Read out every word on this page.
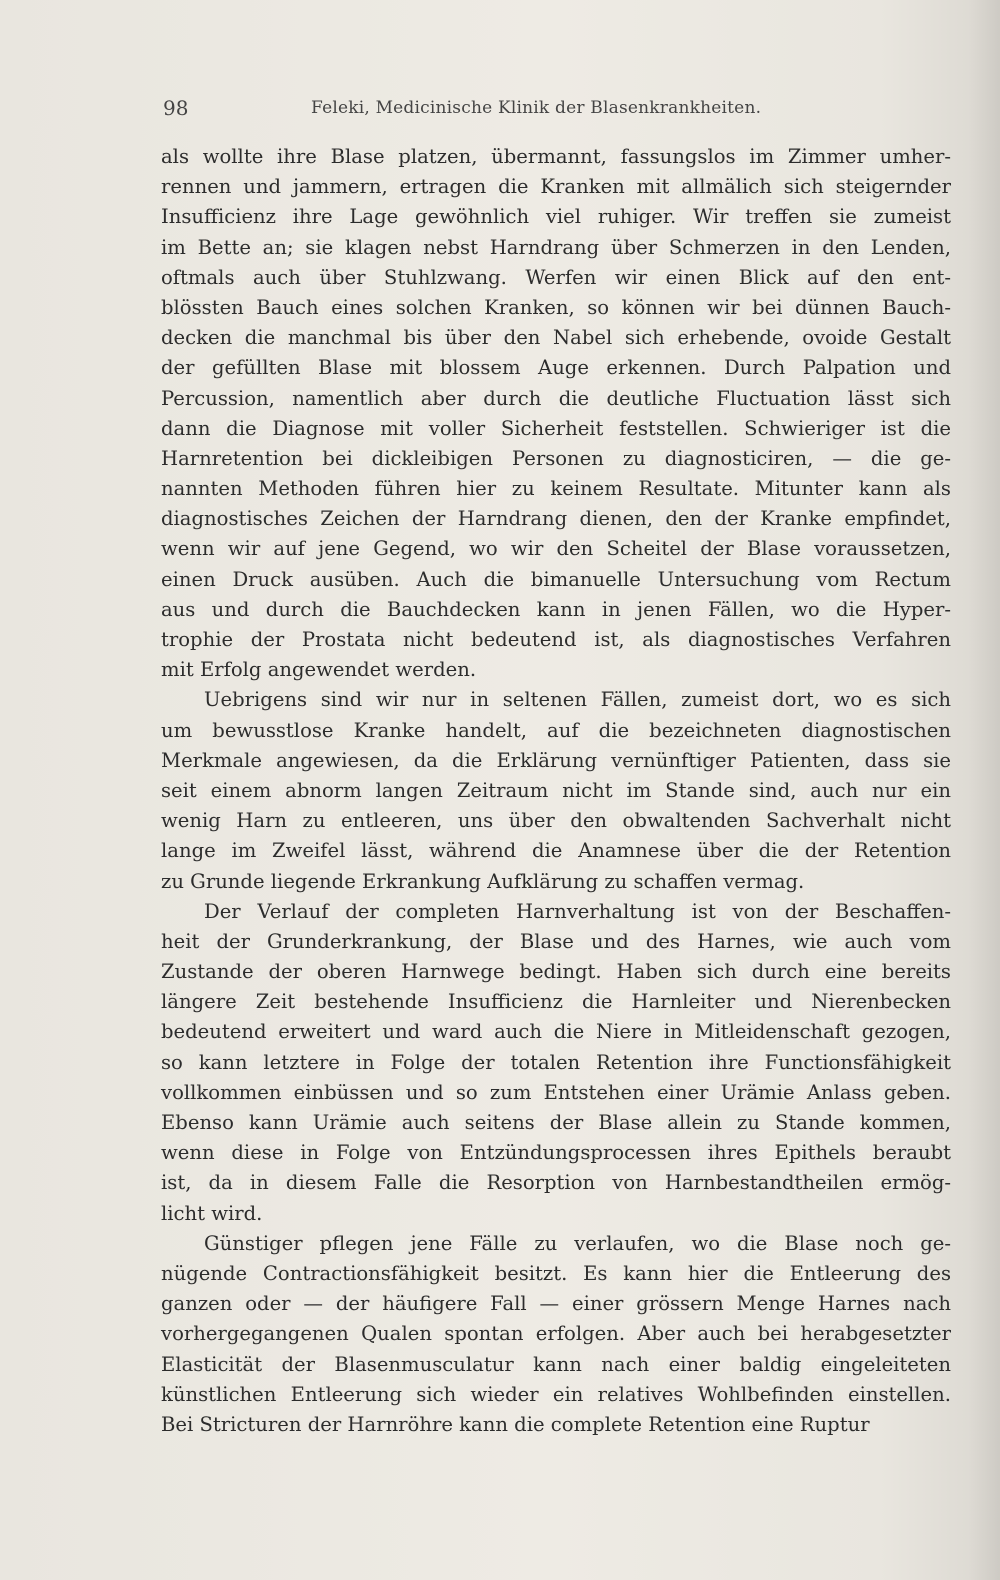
98	Feleki, Medicinische Klinik der Blasenkrankheiten.
als wollte ihre Blase platzen, übermannt, fassungslos im Zimmer umher-
rennen und jammern, ertragen die Kranken mit allmälich sich steigernder
Insufficienz ihre Lage gewöhnlich viel ruhiger. Wir treffen sie zumeist
im Bette an; sie klagen nebst Harndrang über Schmerzen in den Lenden,
oftmals auch über Stuhlzwang. Werfen wir einen Blick auf den ent-
blössten Bauch eines solchen Kranken, so können wir bei dünnen Bauch-
decken die manchmal bis über den Nabel sich erhebende, ovoide Gestalt
der gefüllten Blase mit blossem Auge erkennen. Durch Palpation und
Percussion, namentlich aber durch die deutliche Fluctuation lässt sich
dann die Diagnose mit voller Sicherheit feststellen. Schwieriger ist die
Harnretention bei dickleibigen Personen zu diagnosticiren, — die ge-
nannten Methoden führen hier zu keinem Resultate. Mitunter kann als
diagnostisches Zeichen der Harndrang dienen, den der Kranke empfindet,
wenn wir auf jene Gegend, wo wir den Scheitel der Blase voraussetzen,
einen Druck ausüben. Auch die bimanuelle Untersuchung vom Rectum
aus und durch die Bauchdecken kann in jenen Fällen, wo die Hyper-
trophie der Prostata nicht bedeutend ist, als diagnostisches Verfahren
mit Erfolg angewendet werden.
Uebrigens sind wir nur in seltenen Fällen, zumeist dort, wo es sich
um bewusstlose Kranke handelt, auf die bezeichneten diagnostischen
Merkmale angewiesen, da die Erklärung vernünftiger Patienten, dass sie
seit einem abnorm langen Zeitraum nicht im Stande sind, auch nur ein
wenig Harn zu entleeren, uns über den obwaltenden Sachverhalt nicht
lange im Zweifel lässt, während die Anamnese über die der Retention
zu Grunde liegende Erkrankung Aufklärung zu schaffen vermag.
Der Verlauf der completen Harnverhaltung ist von der Beschaffen-
heit der Grunderkrankung, der Blase und des Harnes, wie auch vom
Zustande der oberen Harnwege bedingt. Haben sich durch eine bereits
längere Zeit bestehende Insufficienz die Harnleiter und Nierenbecken
bedeutend erweitert und ward auch die Niere in Mitleidenschaft gezogen,
so kann letztere in Folge der totalen Retention ihre Functionsfähigkeit
vollkommen einbüssen und so zum Entstehen einer Urämie Anlass geben.
Ebenso kann Urämie auch seitens der Blase allein zu Stande kommen,
wenn diese in Folge von Entzündungsprocessen ihres Epithels beraubt
ist, da in diesem Falle die Resorption von Harnbestandtheilen ermög-
licht wird.
Günstiger pflegen jene Fälle zu verlaufen, wo die Blase noch ge-
nügende Contractionsfähigkeit besitzt. Es kann hier die Entleerung des
ganzen oder — der häufigere Fall — einer grössern Menge Harnes nach
vorhergegangenen Qualen spontan erfolgen. Aber auch bei herabgesetzter
Elasticität der Blasenmusculatur kann nach einer baldig eingeleiteten
künstlichen Entleerung sich wieder ein relatives Wohlbefinden einstellen.
Bei Stricturen der Harnröhre kann die complete Retention eine Ruptur
